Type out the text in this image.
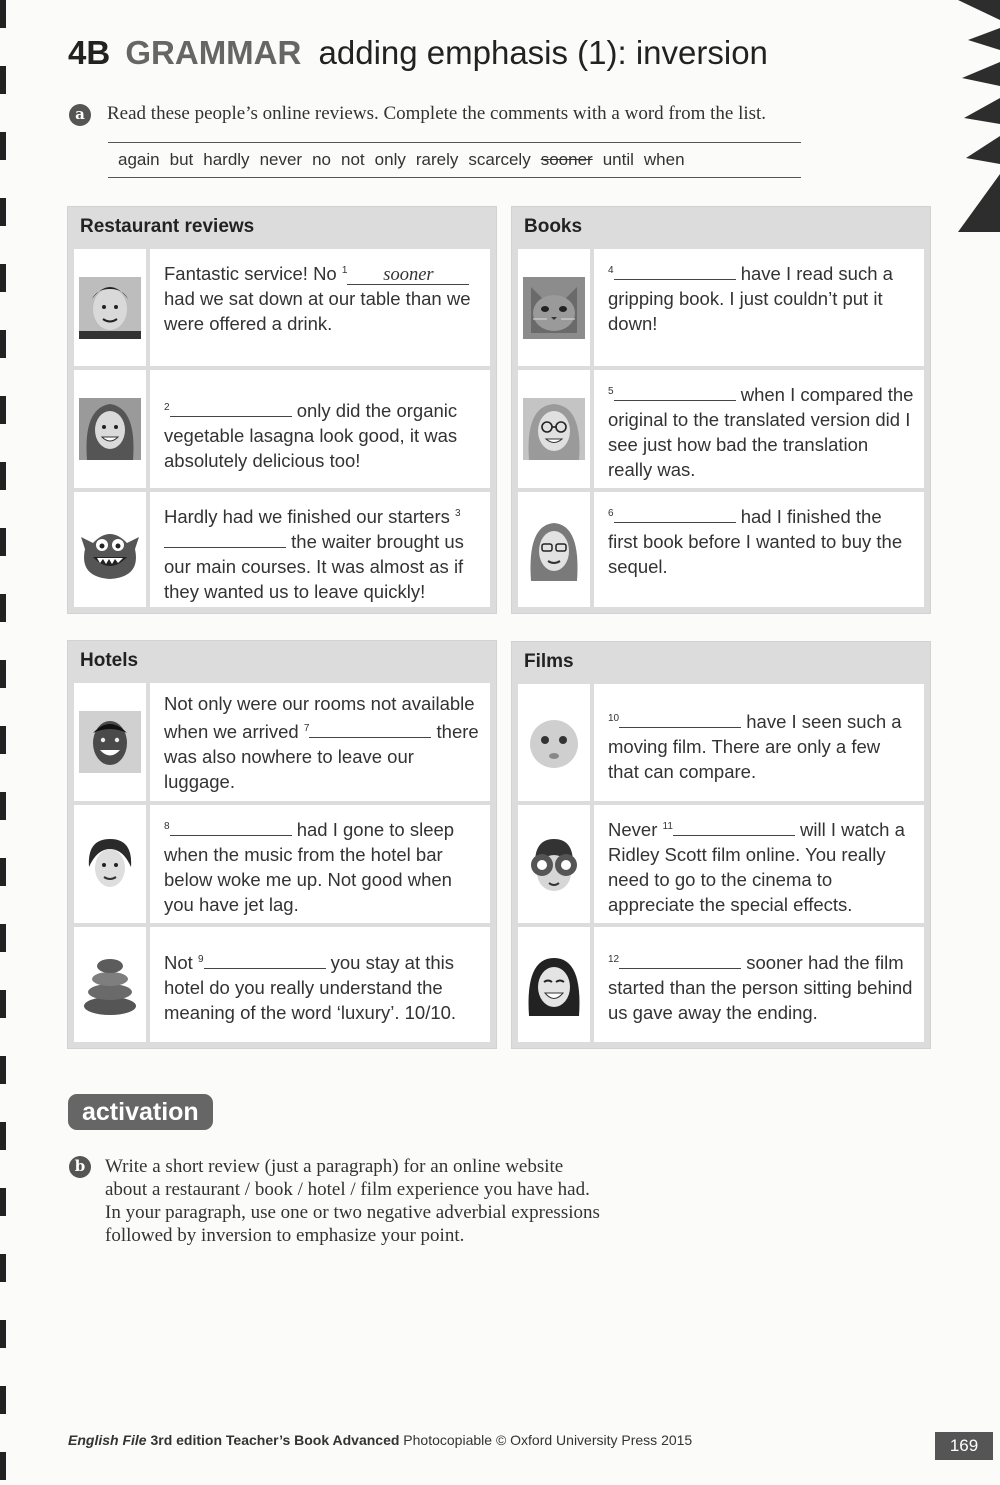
4B GRAMMAR adding emphasis (1): inversion
a	Read these people’s online reviews. Complete the comments with a word from the list.
again but hardly never no not only rarely scarcely sooner until when
Restaurant reviews
Fantastic service! No $^1$ sooner had we sat down at our table than we were offered a drink.
$^2$	only did the organic vegetable lasagna look good, it was absolutely delicious too!
Hardly had we finished our starters $^3$ the waiter brought us our main courses. It was almost as if they wanted us to leave quickly!
Books
$^4$	have I read such a gripping book. I just couldn’t put it down!
$^5$	when I compared the original to the translated version did I see just how bad the translation really was.
$^6$	had I finished the first book before I wanted to buy the sequel.
Hotels
Not only were our rooms not available when we arrived $^7$	there was also nowhere to leave our luggage.
$^8$	had I gone to sleep when the music from the hotel bar below woke me up. Not good when you have jet lag.
Not $^9$	you stay at this hotel do you really understand the meaning of the word ‘luxury’. 10/10.
Films
$^{10}$	have I seen such a moving film. There are only a few that can compare.
Never $^{11}$	will I watch a Ridley Scott film online. You really need to go to the cinema to appreciate the special effects.
$^{12}$	sooner had the film started than the person sitting behind us gave away the ending.
activation
b	Write a short review (just a paragraph) for an online website
about a restaurant / book / hotel / film experience you have had.
In your paragraph, use one or two negative adverbial expressions
followed by inversion to emphasize your point.
English File 3rd edition Teacher’s Book Advanced Photocopiable © Oxford University Press 2015	169
